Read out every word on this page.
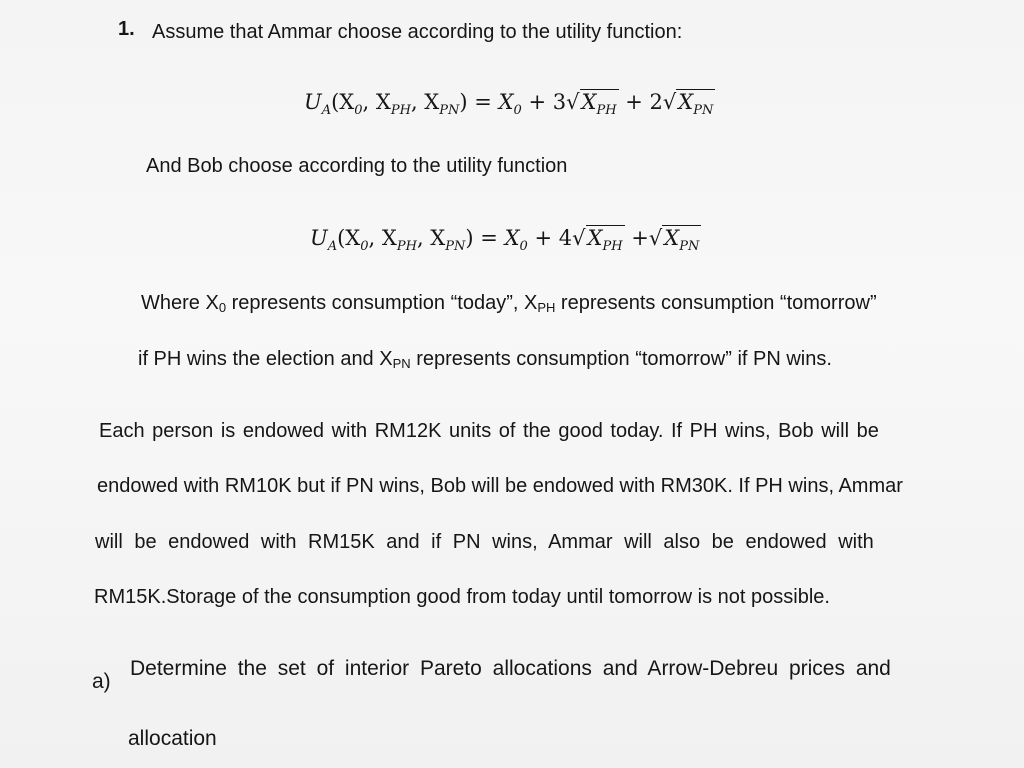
1. Assume that Ammar choose according to the utility function:
$U_A(X_0$, $X_{PH}$, $X_{PN}) = X_0 + 3√X_{PH} + 2√X_{PN}$
And Bob choose according to the utility function
$U_A(X_0$, $X_{PH}$, $X_{PN}) = X_0 + 4√X_{PH} +√X_{PN}$
Where X0 represents consumption “today”, XPH represents consumption “tomorrow”
if PH wins the election and XPN represents consumption “tomorrow” if PN wins.
Each person is endowed with RM12K units of the good today. If PH wins, Bob will be
endowed with RM10K but if PN wins, Bob will be endowed with RM30K. If PH wins, Ammar
will be endowed with RM15K and if PN wins, Ammar will also be endowed with
RM15K.Storage of the consumption good from today until tomorrow is not possible.
a)
Determine the set of interior Pareto allocations and Arrow-Debreu prices and
allocation
